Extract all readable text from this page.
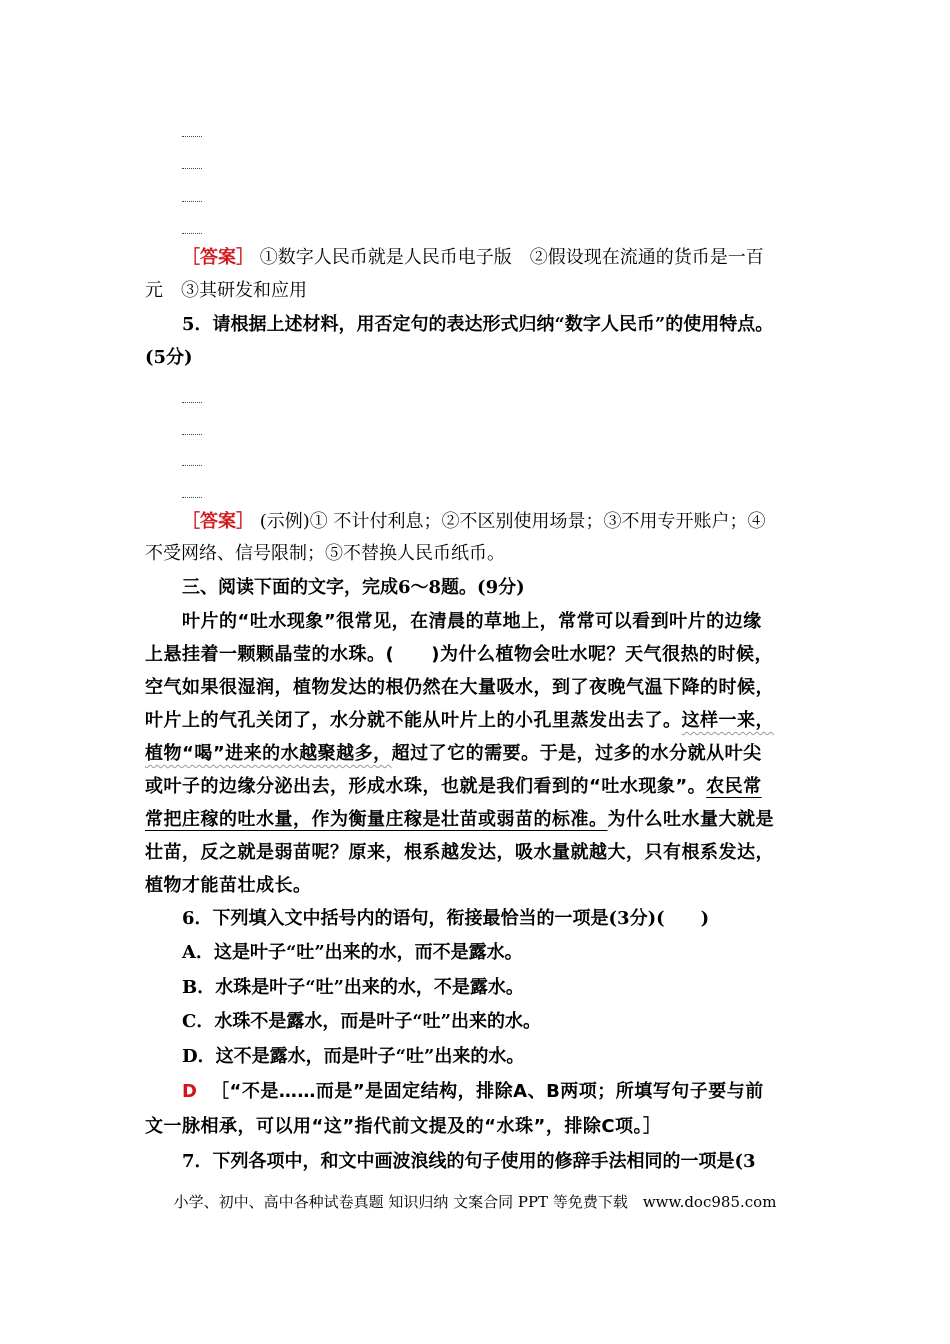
［答案］ ①数字人民币就是人民币电子版　②假设现在流通的货币是一百
元　③其研发和应用
5．请根据上述材料，用否定句的表达形式归纳“数字人民币”的使用特点。
(5分)
［答案］ (示例)① 不计付利息；②不区别使用场景；③不用专开账户；④
不受网络、信号限制；⑤不替换人民币纸币。
三、阅读下面的文字，完成6～8题。(9分)
叶片的“吐水现象”很常见，在清晨的草地上，常常可以看到叶片的边缘
上悬挂着一颗颗晶莹的水珠。(　　)为什么植物会吐水呢？天气很热的时候，
空气如果很湿润，植物发达的根仍然在大量吸水，到了夜晚气温下降的时候，
叶片上的气孔关闭了，水分就不能从叶片上的小孔里蒸发出去了。这样一来，
植物“喝”进来的水越聚越多，超过了它的需要。于是，过多的水分就从叶尖
或叶子的边缘分泌出去，形成水珠，也就是我们看到的“吐水现象”。农民常
常把庄稼的吐水量，作为衡量庄稼是壮苗或弱苗的标准。为什么吐水量大就是
壮苗，反之就是弱苗呢？原来，根系越发达，吸水量就越大，只有根系发达，
植物才能苗壮成长。
6．下列填入文中括号内的语句，衔接最恰当的一项是(3分)(　　)
A．这是叶子“吐”出来的水，而不是露水。
B．水珠是叶子“吐”出来的水，不是露水。
C．水珠不是露水，而是叶子“吐”出来的水。
D．这不是露水，而是叶子“吐”出来的水。
D ［“不是……而是”是固定结构，排除A、B两项；所填写句子要与前
文一脉相承，可以用“这”指代前文提及的“水珠”，排除C项。］
7．下列各项中，和文中画波浪线的句子使用的修辞手法相同的一项是(3
小学、初中、高中各种试卷真题 知识归纳 文案合同 PPT 等免费下载　www.doc985.com
